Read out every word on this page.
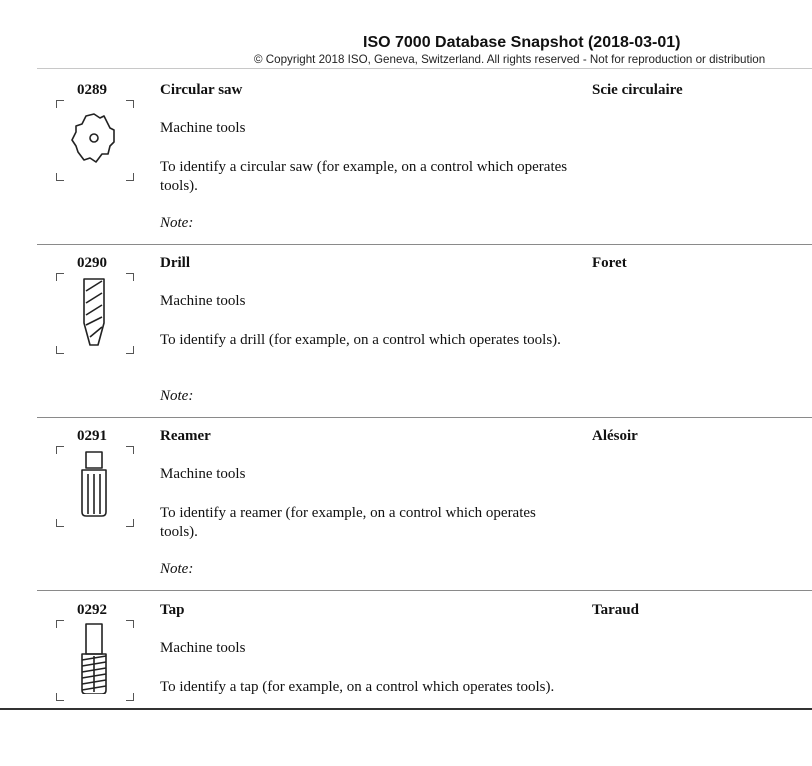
ISO 7000 Database Snapshot (2018-03-01)
© Copyright 2018 ISO, Geneva, Switzerland. All rights reserved - Not for reproduction or distribution
0289	Circular saw	Scie circulaire
Machine tools
To identify a circular saw (for example, on a control which operates tools).
Note:
0290	Drill	Foret
Machine tools
To identify a drill (for example, on a control which operates tools).
Note:
0291	Reamer	Alésoir
Machine tools
To identify a reamer (for example, on a control which operates tools).
Note:
0292	Tap	Taraud
Machine tools
To identify a tap (for example, on a control which operates tools).
